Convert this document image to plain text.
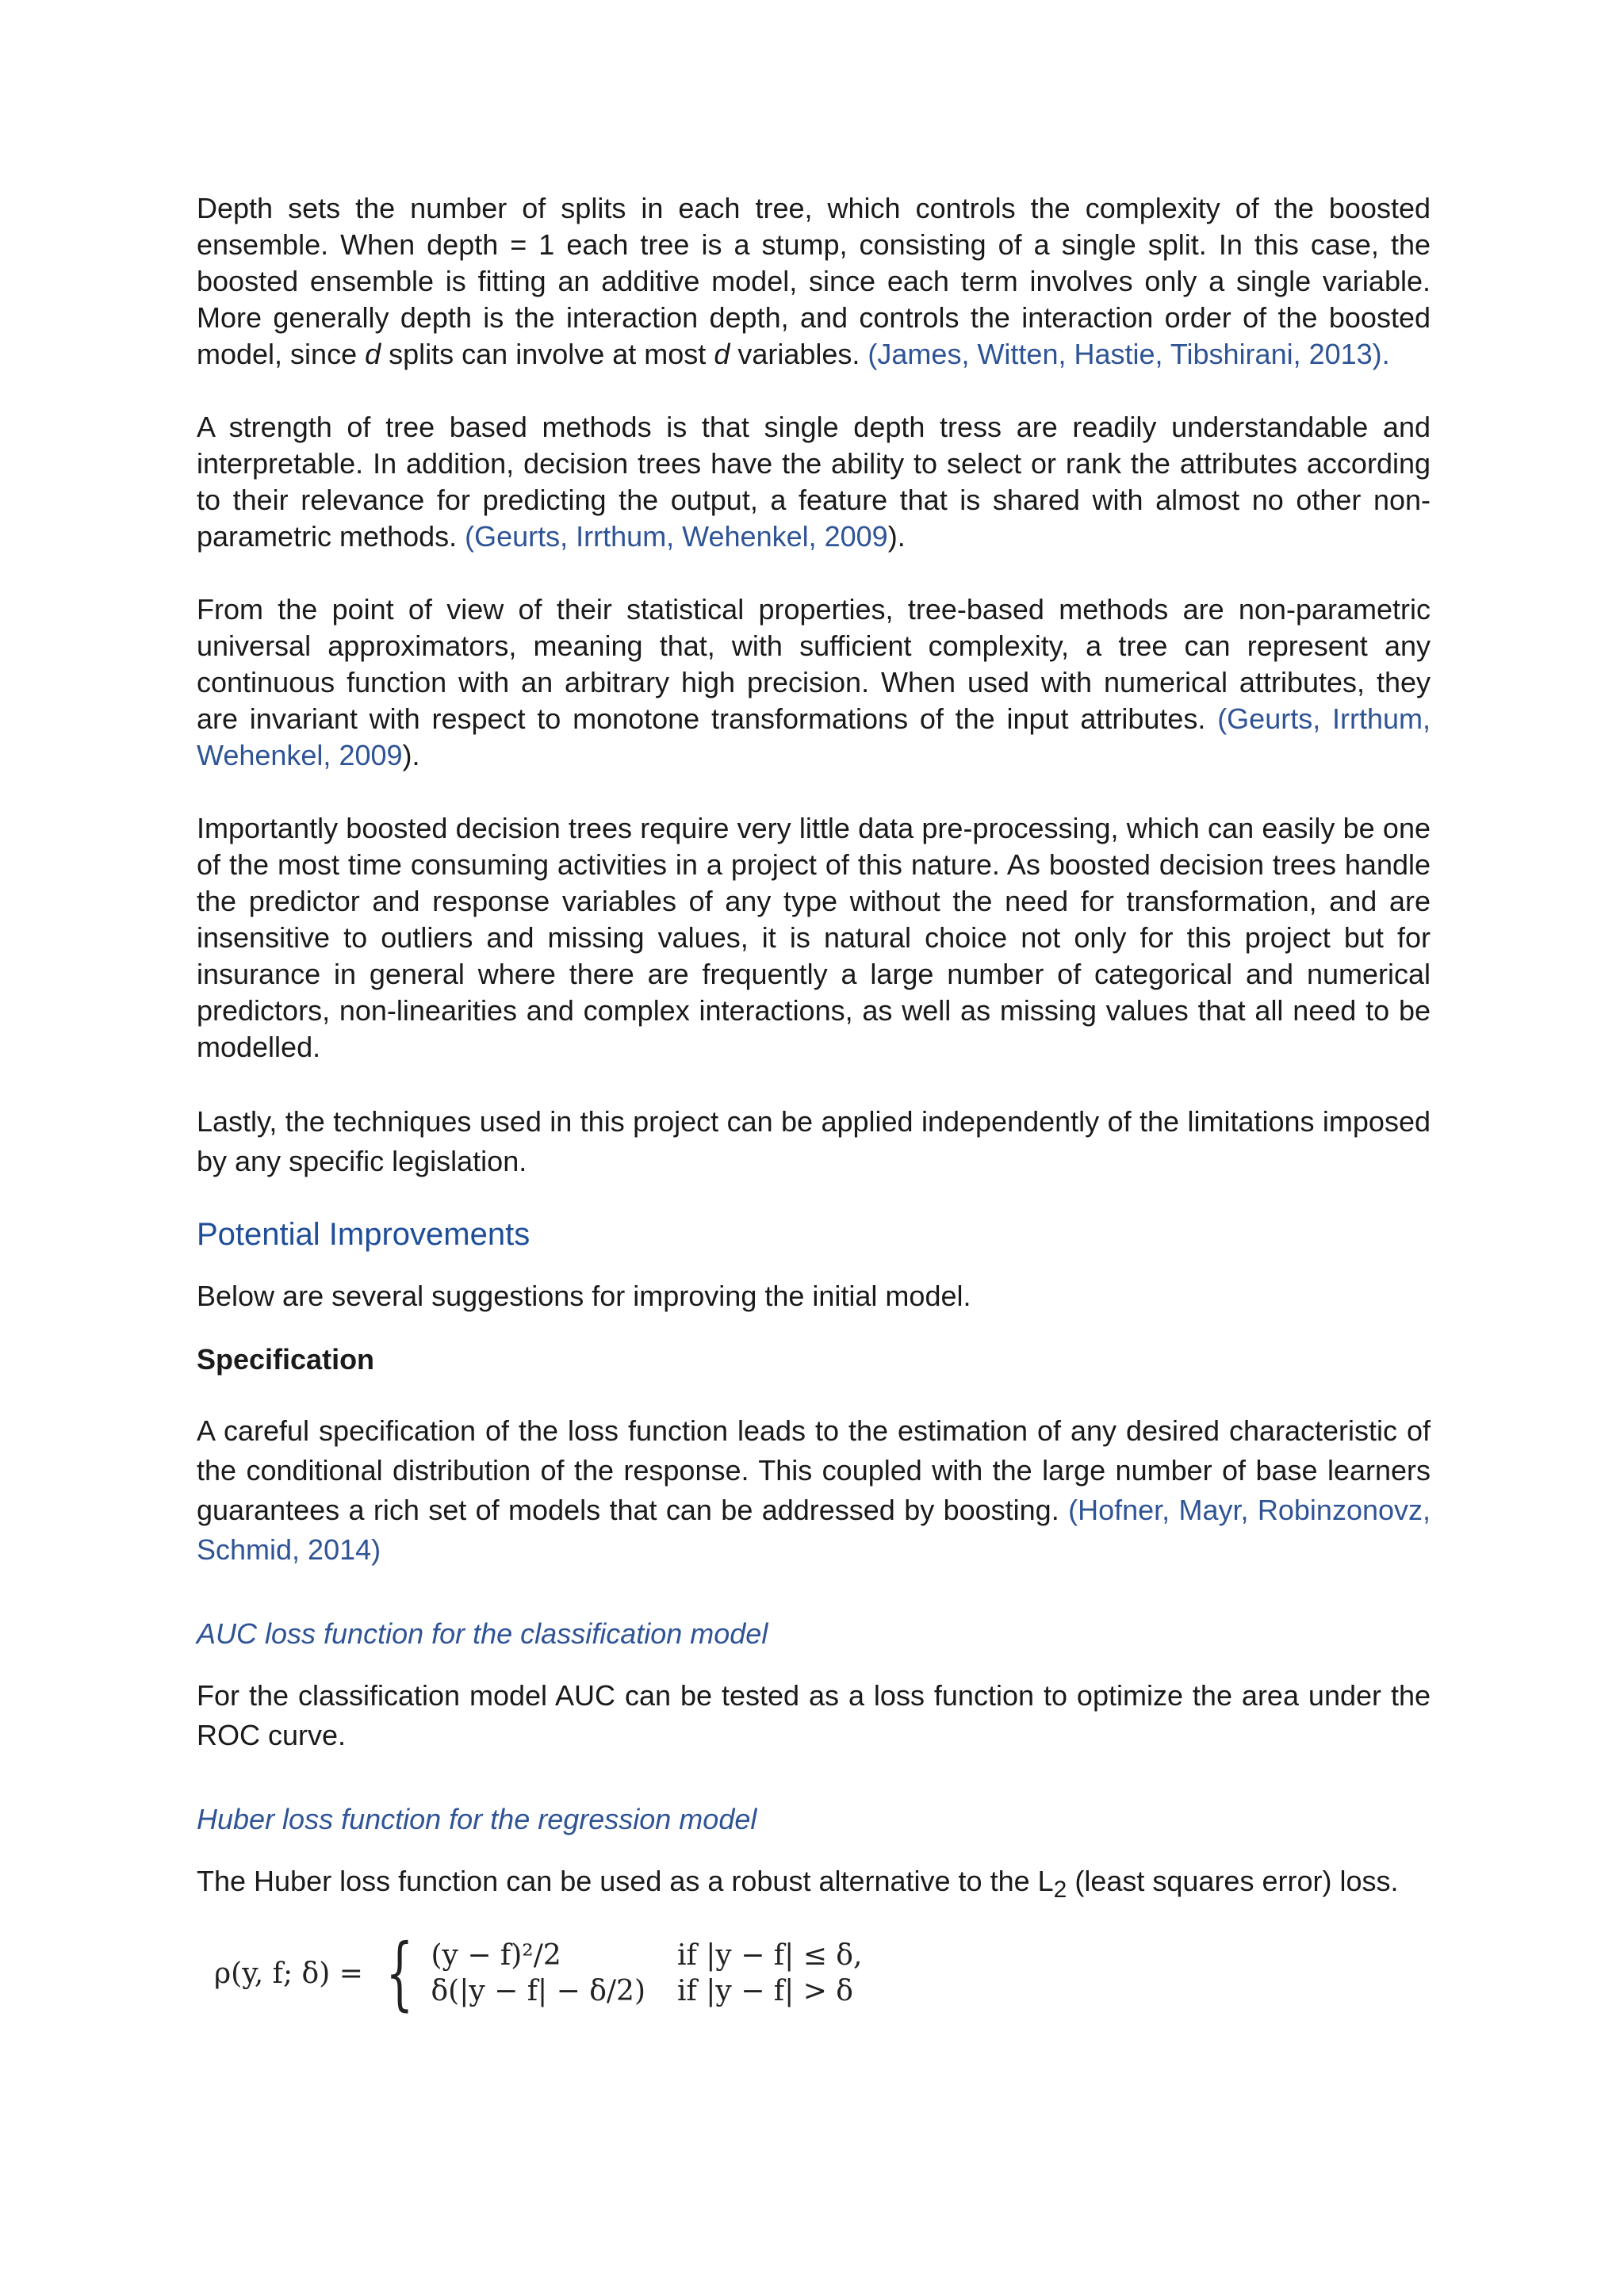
Depth sets the number of splits in each tree, which controls the complexity of the boosted ensemble. When depth = 1 each tree is a stump, consisting of a single split. In this case, the boosted ensemble is fitting an additive model, since each term involves only a single variable. More generally depth is the interaction depth, and controls the interaction order of the boosted model, since d splits can involve at most d variables. (James, Witten, Hastie, Tibshirani, 2013).

A strength of tree based methods is that single depth tress are readily understandable and interpretable. In addition, decision trees have the ability to select or rank the attributes according to their relevance for predicting the output, a feature that is shared with almost no other non-parametric methods. (Geurts, Irrthum, Wehenkel, 2009).

From the point of view of their statistical properties, tree-based methods are non-parametric universal approximators, meaning that, with sufficient complexity, a tree can represent any continuous function with an arbitrary high precision. When used with numerical attributes, they are invariant with respect to monotone transformations of the input attributes. (Geurts, Irrthum, Wehenkel, 2009).

Importantly boosted decision trees require very little data pre-processing, which can easily be one of the most time consuming activities in a project of this nature. As boosted decision trees handle the predictor and response variables of any type without the need for transformation, and are insensitive to outliers and missing values, it is natural choice not only for this project but for insurance in general where there are frequently a large number of categorical and numerical predictors, non-linearities and complex interactions, as well as missing values that all need to be modelled.

Lastly, the techniques used in this project can be applied independently of the limitations imposed by any specific legislation.

Potential Improvements

Below are several suggestions for improving the initial model.

Specification

A careful specification of the loss function leads to the estimation of any desired characteristic of the conditional distribution of the response. This coupled with the large number of base learners guarantees a rich set of models that can be addressed by boosting. (Hofner, Mayr, Robinzonovz, Schmid, 2014)

AUC loss function for the classification model

For the classification model AUC can be tested as a loss function to optimize the area under the ROC curve.

Huber loss function for the regression model

The Huber loss function can be used as a robust alternative to the $L_2$ (least squares error) loss.

ρ(y, f; δ) = { (y − f)²/2	if |y − f| ≤ δ,
δ(|y − f| − δ/2) if |y − f| > δ
